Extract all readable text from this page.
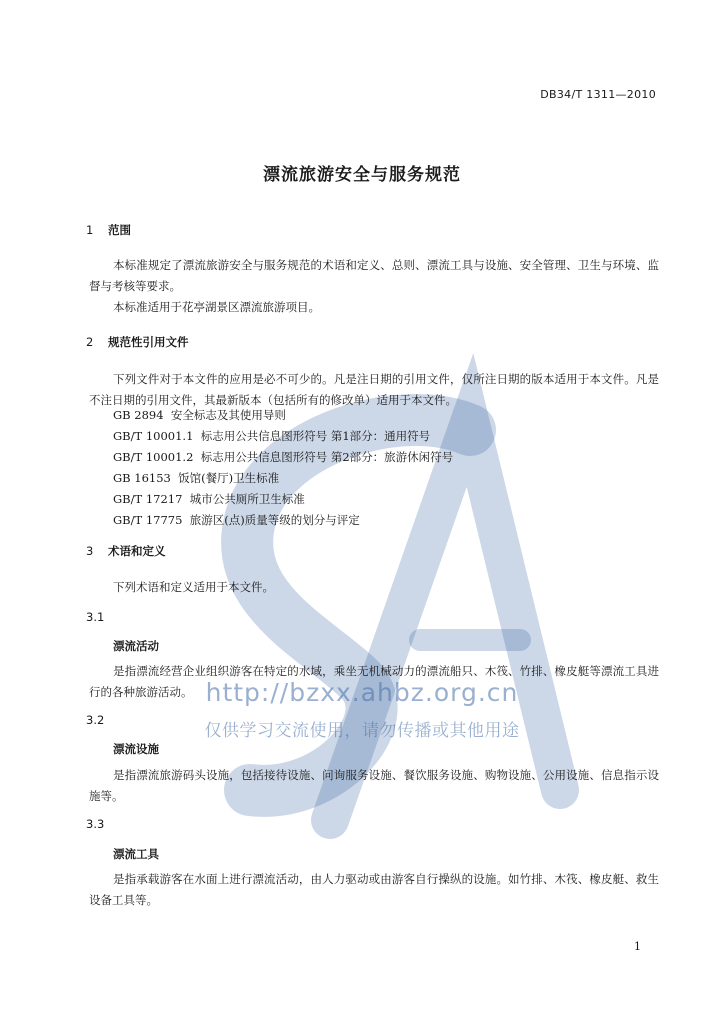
DB34/T 1311—2010
漂流旅游安全与服务规范
1 范围
本标准规定了漂流旅游安全与服务规范的术语和定义、总则、漂流工具与设施、安全管理、卫生与环境、监督与考核等要求。
本标准适用于花亭湖景区漂流旅游项目。
2 规范性引用文件
下列文件对于本文件的应用是必不可少的。凡是注日期的引用文件，仅所注日期的版本适用于本文件。凡是不注日期的引用文件，其最新版本（包括所有的修改单）适用于本文件。
GB 2894  安全标志及其使用导则
GB/T 10001.1  标志用公共信息图形符号 第1部分：通用符号
GB/T 10001.2  标志用公共信息图形符号 第2部分：旅游休闲符号
GB 16153  饭馆(餐厅)卫生标准
GB/T 17217  城市公共厕所卫生标准
GB/T 17775  旅游区(点)质量等级的划分与评定
3 术语和定义
下列术语和定义适用于本文件。
3.1
漂流活动
是指漂流经营企业组织游客在特定的水域，乘坐无机械动力的漂流船只、木筏、竹排、橡皮艇等漂流工具进行的各种旅游活动。
3.2
漂流设施
是指漂流旅游码头设施，包括接待设施、问询服务设施、餐饮服务设施、购物设施、公用设施、信息指示设施等。
3.3
漂流工具
是指承载游客在水面上进行漂流活动，由人力驱动或由游客自行操纵的设施。如竹排、木筏、橡皮艇、救生设备工具等。
http://bzxx.ahbz.org.cn
仅供学习交流使用，请勿传播或其他用途
1
